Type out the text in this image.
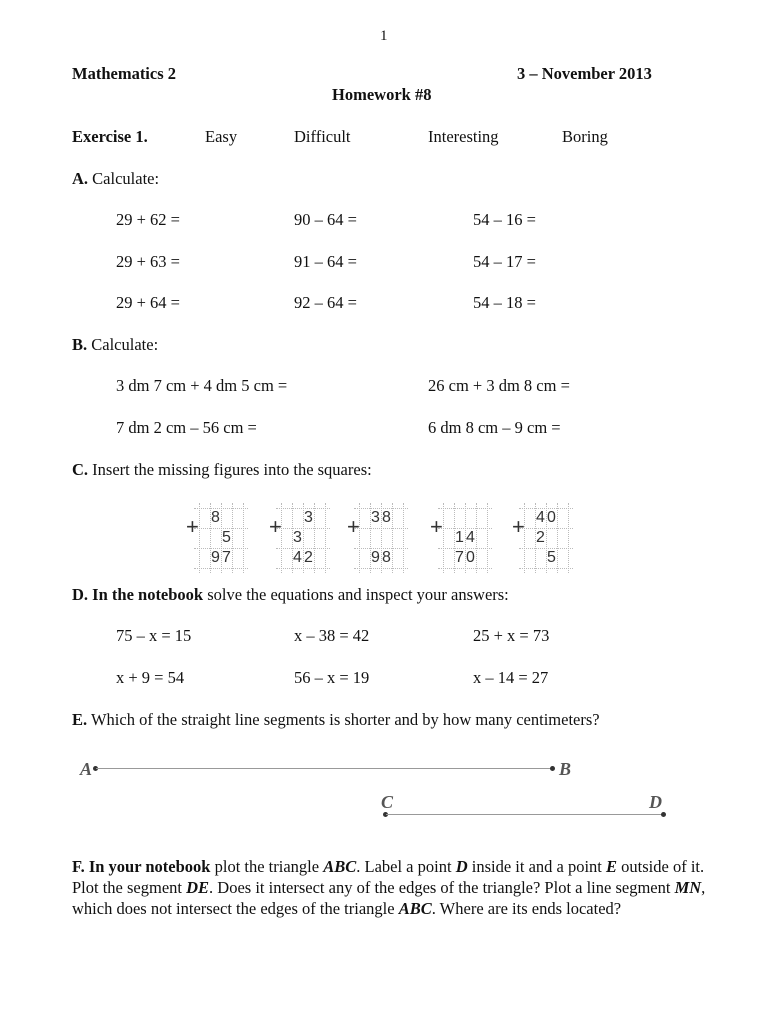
1
Mathematics 2	3 – November 2013
Homework #8
Exercise 1.	Easy	Difficult	Interesting	Boring
A. Calculate:
29 + 62 =	90 – 64 =	54 – 16 =
29 + 63 =	91 – 64 =	54 – 17 =
29 + 64 =	92 – 64 =	54 – 18 =
B. Calculate:
3 dm 7 cm + 4 dm 5 cm =	26 cm + 3 dm 8 cm =
7 dm 2 cm – 56 cm =	6 dm 8 cm – 9 cm =
C. Insert the missing figures into the squares:
+ 8
5
9 7
+ 3
3
4 2
+ 3 8
9 8
+ 1 4
7 0
+ 4 0
2
5
D. In the notebook solve the equations and inspect your answers:
75 – x = 15	x – 38 = 42	25 + x = 73
x + 9 = 54	56 – x = 19	x – 14 = 27
E. Which of the straight line segments is shorter and by how many centimeters?
A	B
C	D
F. In your notebook plot the triangle ABC. Label a point D inside it and a point E outside of it. Plot the segment DE. Does it intersect any of the edges of the triangle? Plot a line segment MN, which does not intersect the edges of the triangle ABC. Where are its ends located?
